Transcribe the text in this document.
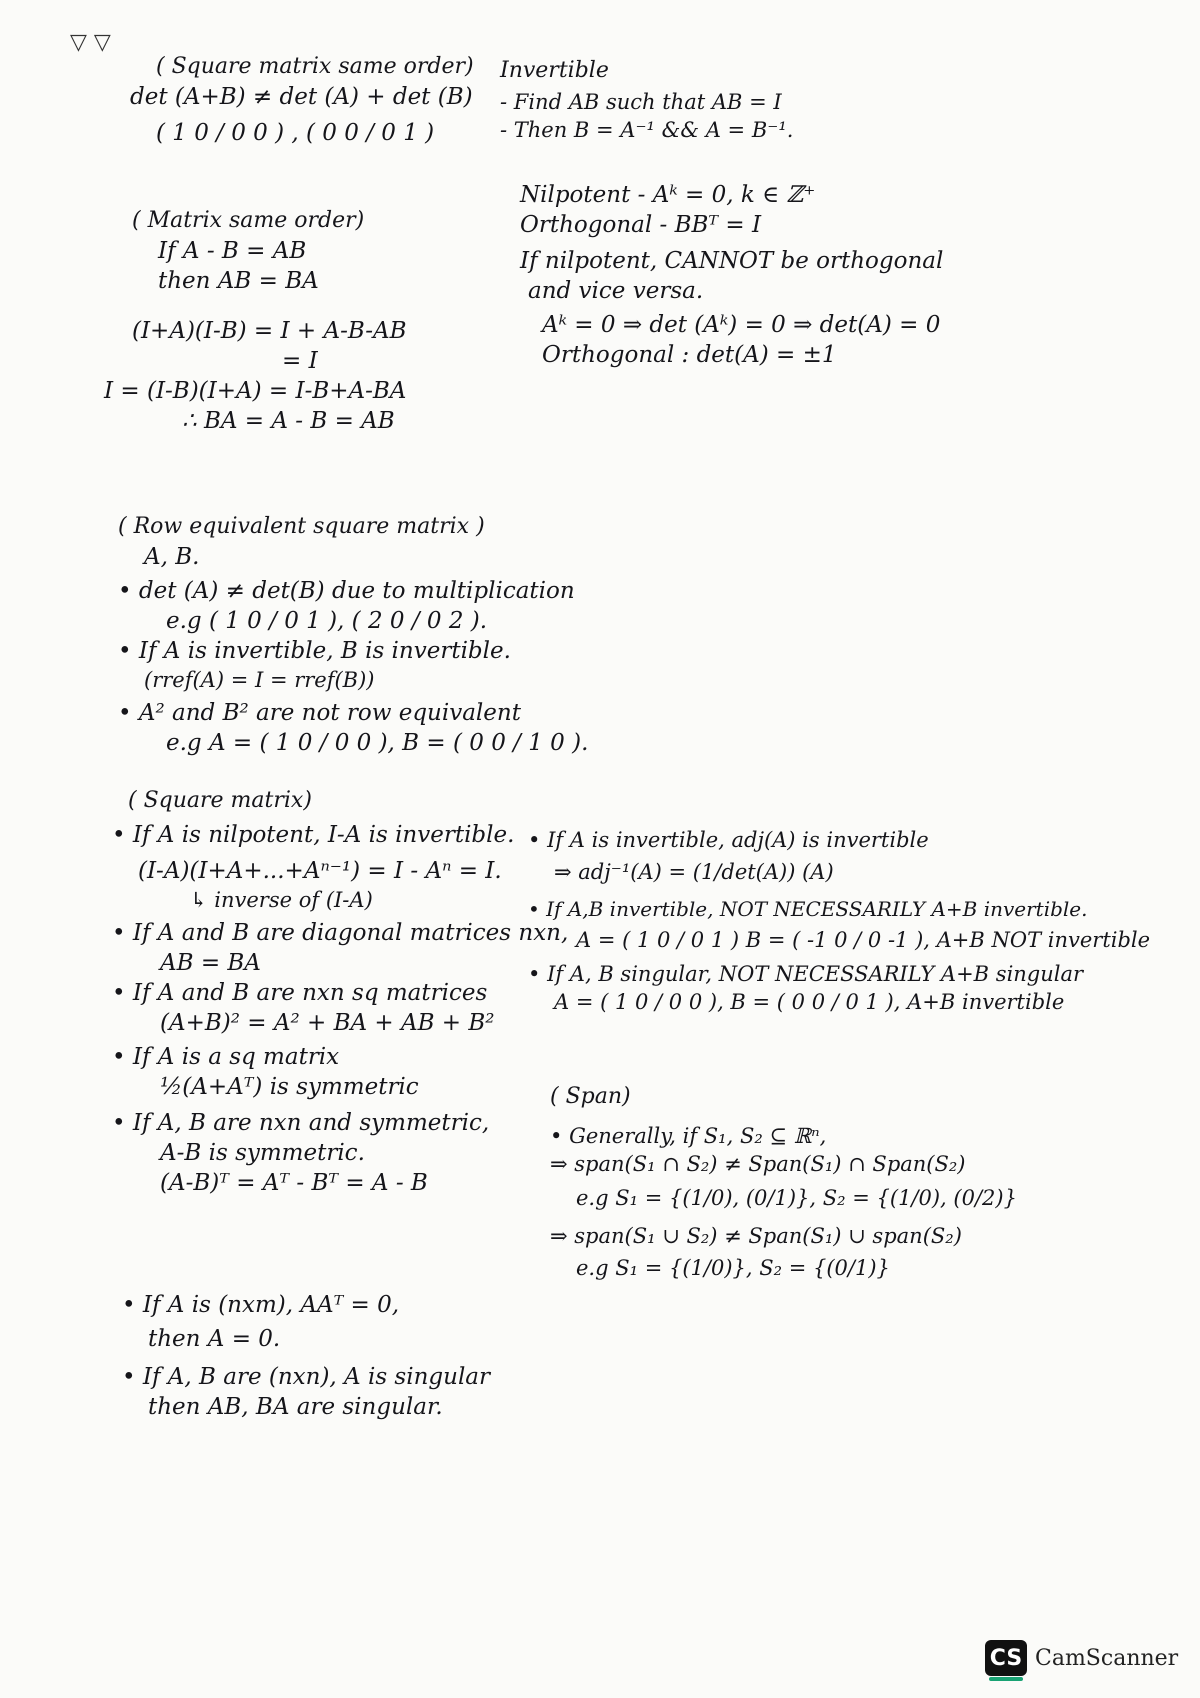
▽ ▽
( Square matrix same order)
det (A+B) ≠ det (A) + det (B)
( 1 0 / 0 0 ) , ( 0 0 / 0 1 )
( Matrix same order)
If A - B = AB
then AB = BA
(I+A)(I-B) = I + A-B-AB
= I
I = (I-B)(I+A) = I-B+A-BA
∴ BA = A - B = AB
( Row equivalent square matrix )
A, B.
• det (A) ≠ det(B) due to multiplication
e.g ( 1 0 / 0 1 ), ( 2 0 / 0 2 ).
• If A is invertible, B is invertible.
(rref(A) = I = rref(B))
• A² and B² are not row equivalent
e.g A = ( 1 0 / 0 0 ), B = ( 0 0 / 1 0 ).
( Square matrix)
• If A is nilpotent, I-A is invertible.
(I-A)(I+A+...+Aⁿ⁻¹) = I - Aⁿ = I.
↳ inverse of (I-A)
• If A and B are diagonal matrices nxn,
AB = BA
• If A and B are nxn sq matrices
(A+B)² = A² + BA + AB + B²
• If A is a sq matrix
½(A+Aᵀ) is symmetric
• If A, B are nxn and symmetric,
A-B is symmetric.
(A-B)ᵀ = Aᵀ - Bᵀ = A - B
• If A is (nxm), AAᵀ = 0,
then A = 0.
• If A, B are (nxn), A is singular
then AB, BA are singular.
Invertible
- Find AB such that AB = I
- Then B = A⁻¹ && A = B⁻¹.
Nilpotent - Aᵏ = 0, k ∈ ℤ⁺
Orthogonal - BBᵀ = I
If nilpotent, CANNOT be orthogonal
and vice versa.
Aᵏ = 0 ⇒ det (Aᵏ) = 0 ⇒ det(A) = 0
Orthogonal : det(A) = ±1
• If A is invertible, adj(A) is invertible
⇒ adj⁻¹(A) = (1/det(A)) (A)
• If A,B invertible, NOT NECESSARILY A+B invertible.
A = ( 1 0 / 0 1 ) B = ( -1 0 / 0 -1 ), A+B NOT invertible
• If A, B singular, NOT NECESSARILY A+B singular
A = ( 1 0 / 0 0 ), B = ( 0 0 / 0 1 ), A+B invertible
( Span)
• Generally, if S₁, S₂ ⊆ ℝⁿ,
⇒ span(S₁ ∩ S₂) ≠ Span(S₁) ∩ Span(S₂)
e.g S₁ = {(1/0), (0/1)}, S₂ = {(1/0), (0/2)}
⇒ span(S₁ ∪ S₂) ≠ Span(S₁) ∪ span(S₂)
e.g S₁ = {(1/0)}, S₂ = {(0/1)}
CS CamScanner
